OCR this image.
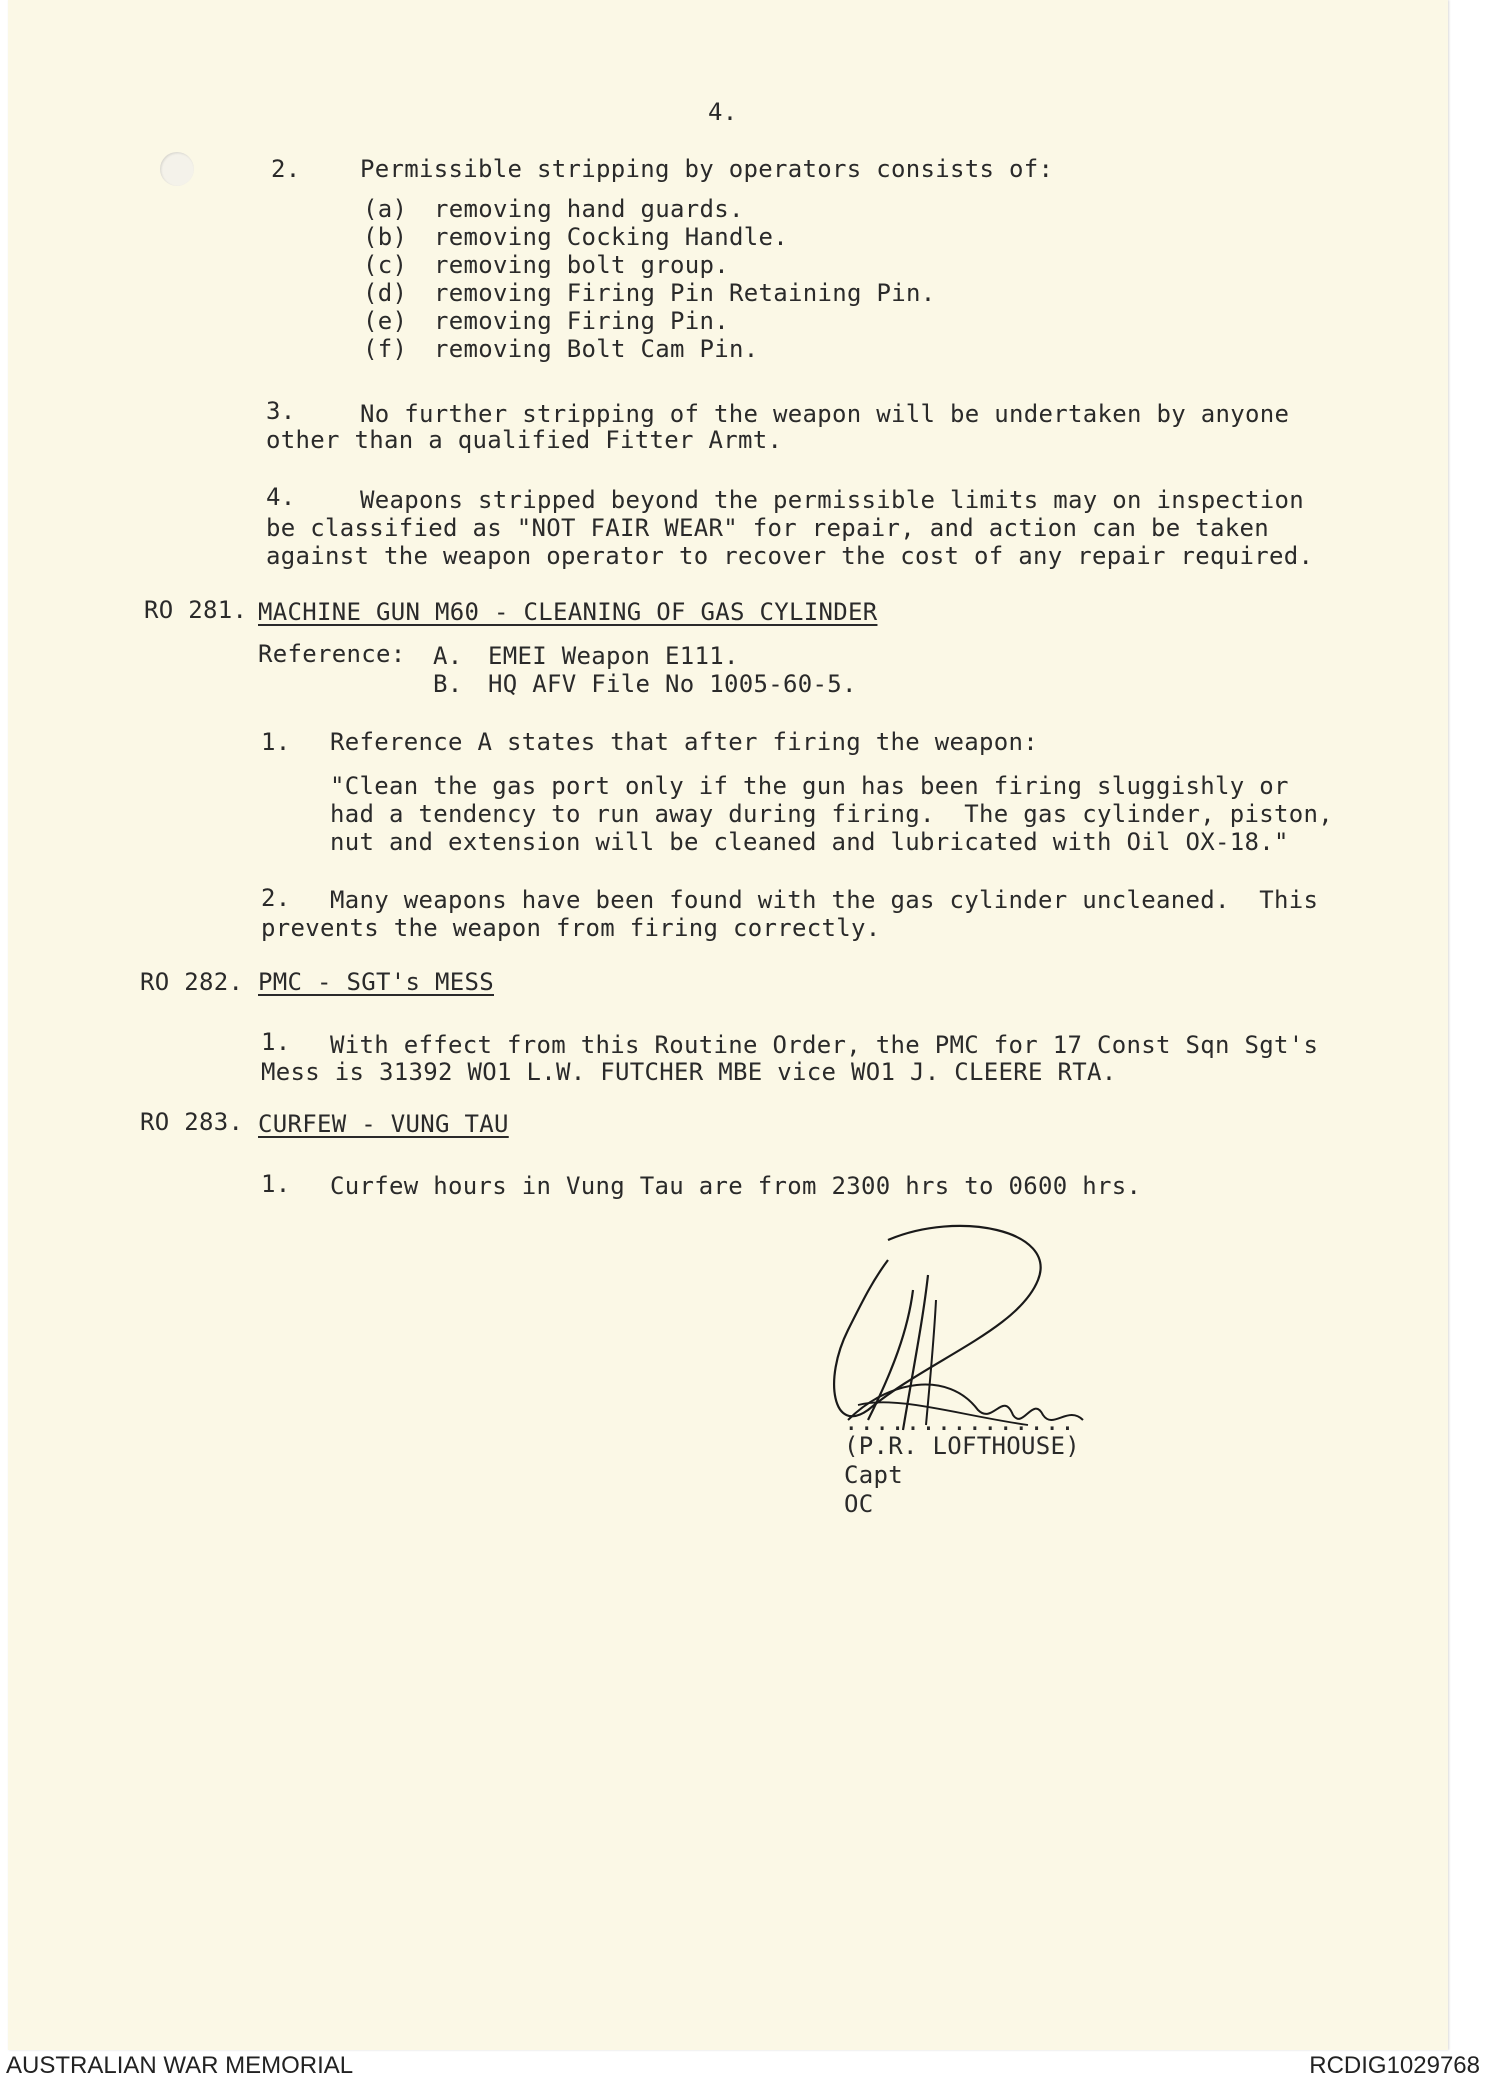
4.
2. Permissible stripping by operators consists of:
(a) removing hand guards.
(b) removing Cocking Handle.
(c) removing bolt group.
(d) removing Firing Pin Retaining Pin.
(e) removing Firing Pin.
(f) removing Bolt Cam Pin.
3.	No further stripping of the weapon will be undertaken by anyone
other than a qualified Fitter Armt.
4.	Weapons stripped beyond the permissible limits may on inspection
be classified as "NOT FAIR WEAR" for repair, and action can be taken
against the weapon operator to recover the cost of any repair required.
RO 281. MACHINE GUN M60 - CLEANING OF GAS CYLINDER
Reference: A. EMEI Weapon E111.
B. HQ AFV File No 1005-60-5.
1. Reference A states that after firing the weapon:
"Clean the gas port only if the gun has been firing sluggishly or
had a tendency to run away during firing.  The gas cylinder, piston,
nut and extension will be cleaned and lubricated with Oil OX-18."
2. Many weapons have been found with the gas cylinder uncleaned.  This
prevents the weapon from firing correctly.
RO 282. PMC - SGT's MESS
1. With effect from this Routine Order, the PMC for 17 Const Sqn Sgt's
Mess is 31392 WO1 L.W. FUTCHER MBE vice WO1 J. CLEERE RTA.
RO 283. CURFEW - VUNG TAU
1. Curfew hours in Vung Tau are from 2300 hrs to 0600 hrs.
...............
(P.R. LOFTHOUSE)
Capt
OC
AUSTRALIAN WAR MEMORIAL	RCDIG1029768
